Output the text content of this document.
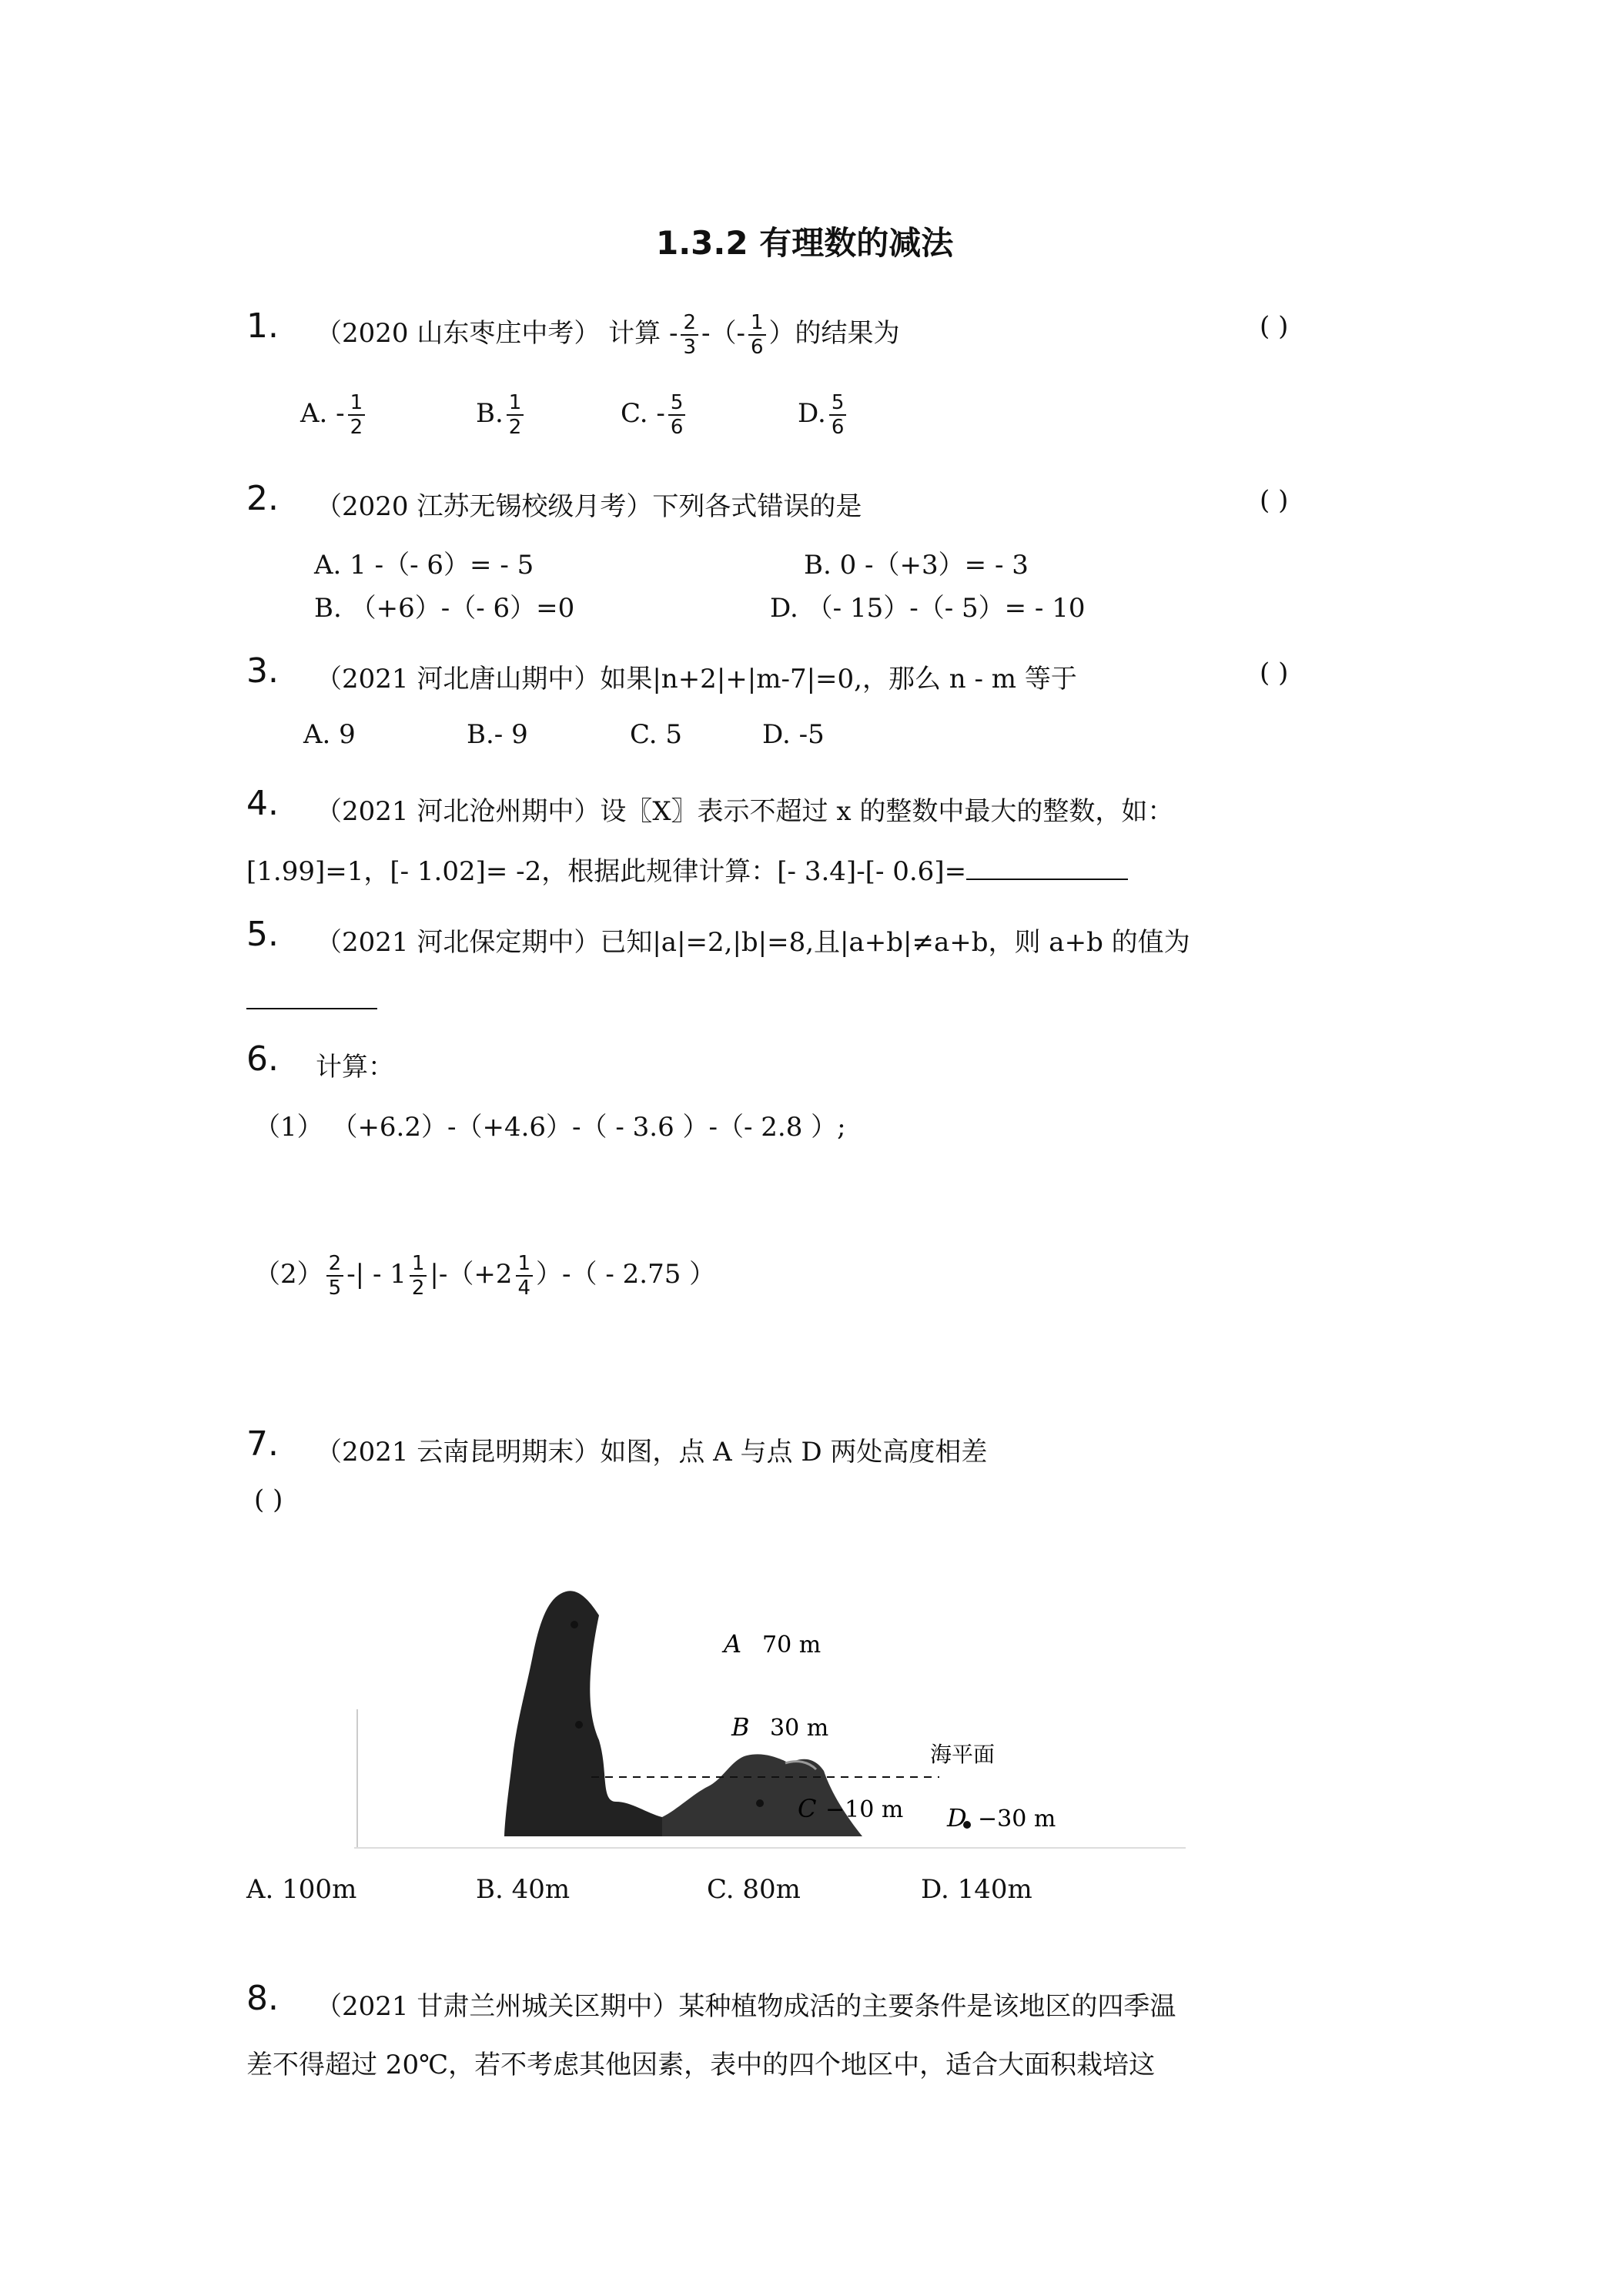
1.3.2 有理数的减法
1. （2020 山东枣庄中考） 计算 - $\frac{2}{3}$ -（- $\frac{1}{6}$ ）的结果为	( )
A. - $\frac{1}{2}$	B. $\frac{1}{2}$	C. - $\frac{5}{6}$	D. $\frac{5}{6}$
2. （2020 江苏无锡校级月考）下列各式错误的是	( )
A. 1 -（- 6）= - 5	B. 0 -（+3）= - 3
B. （+6）-（- 6）=0	D. （- 15）-（- 5）= - 10
3. （2021 河北唐山期中）如果|n+2|+|m-7|=0,，那么 n - m 等于	( )
A. 9	B.- 9	C. 5	D. -5
4. （2021 河北沧州期中）设〖X〗表示不超过 x 的整数中最大的整数，如：
[1.99]=1，[- 1.02]= -2，根据此规律计算：[- 3.4]-[- 0.6]=
5. （2021 河北保定期中）已知|a|=2,|b|=8,且|a+b|≠a+b，则 a+b 的值为
6. 计算：
（1） （+6.2）-（+4.6）-（ - 3.6 ）-（- 2.8 ）;
$(2) \frac{2}{5}$ -| - $1 \frac{1}{2} |-(+2 \frac{1}{4}$ ）-（ - 2.75 ）
7. （2021 云南昆明期末）如图，点 A 与点 D 两处高度相差
( )
A 70 m
B 30 m
C −10 m D −30 m
海平面
A. 100m	B. 40m	C. 80m	D. 140m
8. （2021 甘肃兰州城关区期中）某种植物成活的主要条件是该地区的四季温
差不得超过 20℃，若不考虑其他因素，表中的四个地区中，适合大面积栽培这
